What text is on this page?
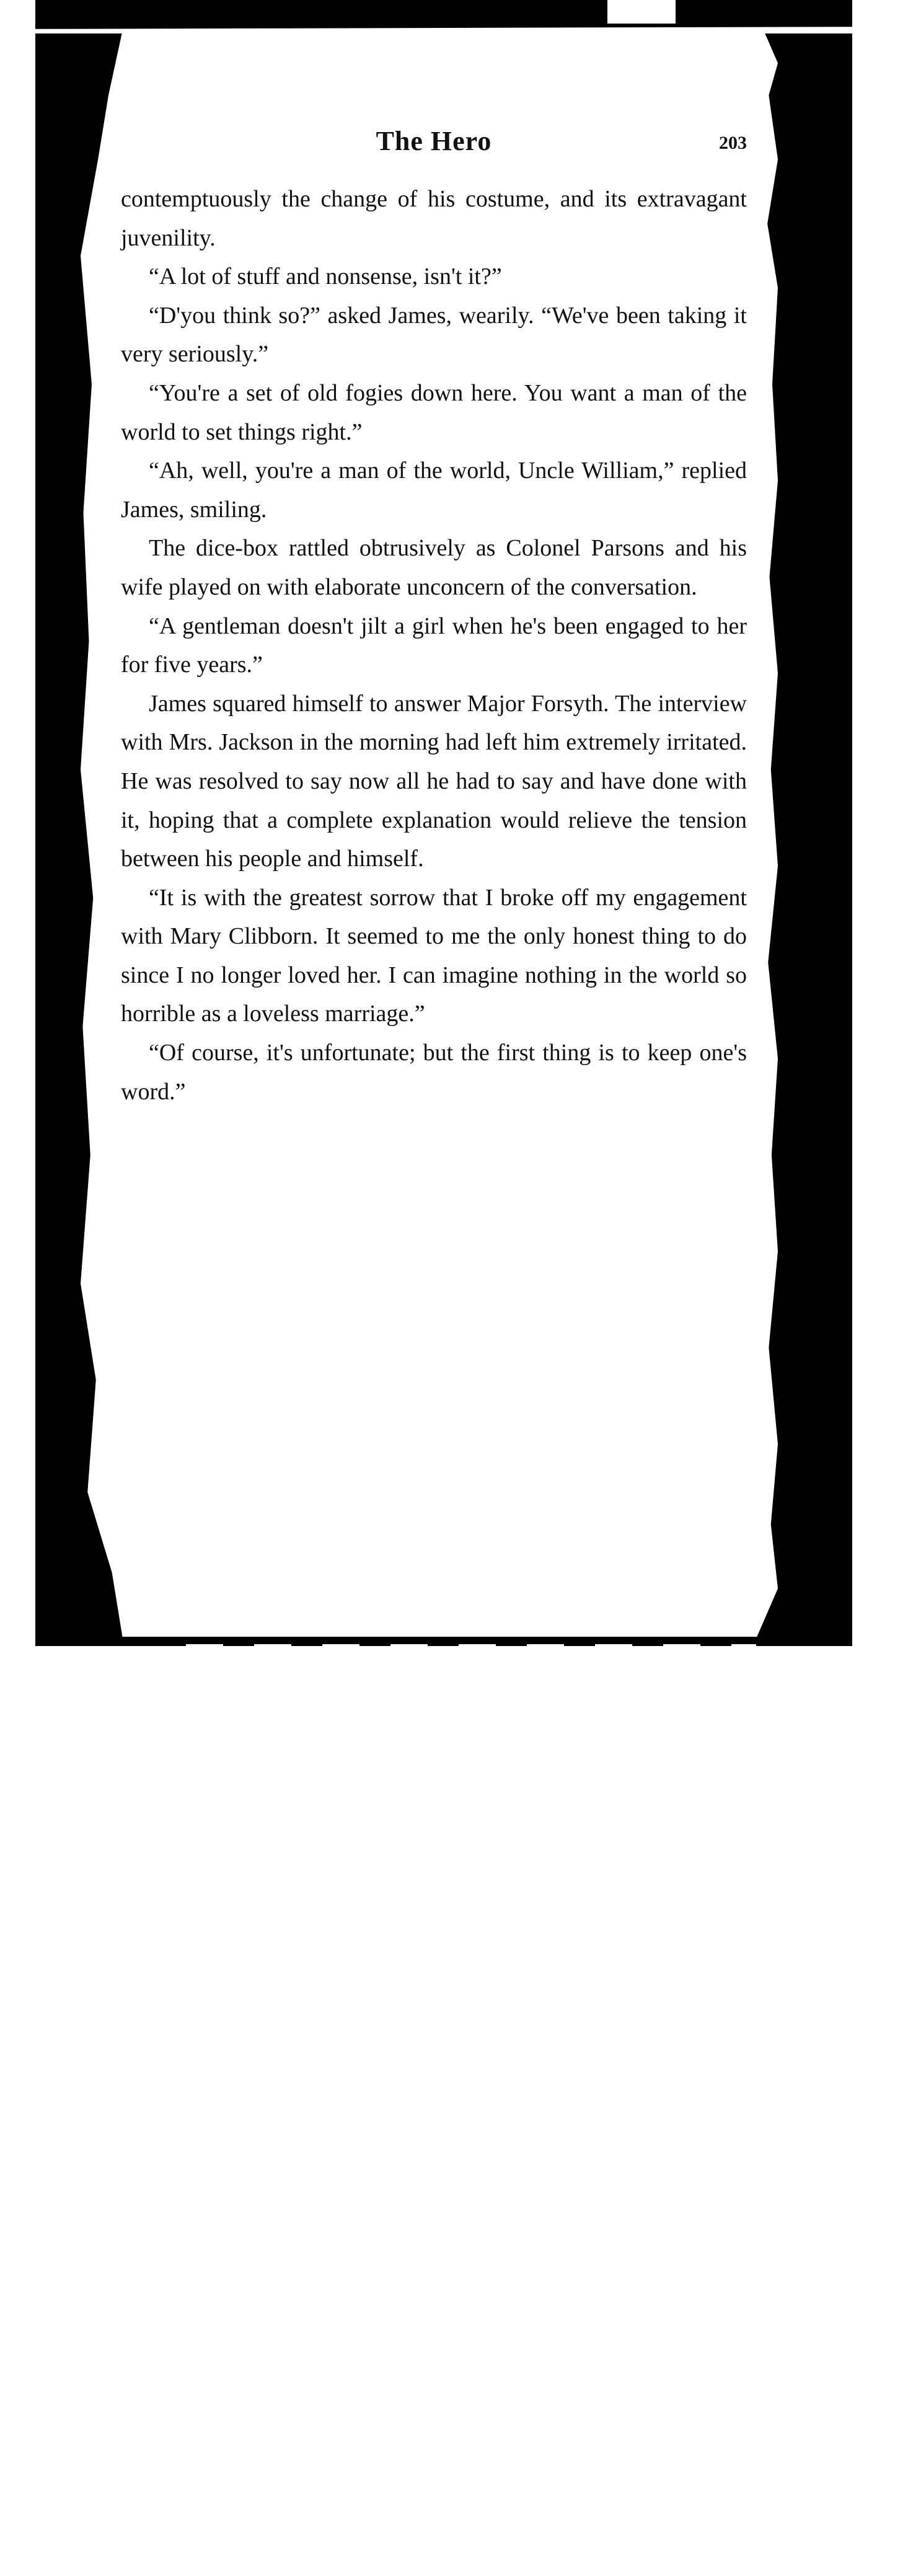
The Hero	203

contemptuously the change of his costume, and its extravagant juvenility.

“A lot of stuff and nonsense, isn't it?”

“D'you think so?” asked James, wearily. “We've been taking it very seriously.”

“You're a set of old fogies down here. You want a man of the world to set things right.”

“Ah, well, you're a man of the world, Uncle William,” replied James, smiling.

The dice-box rattled obtrusively as Colonel Parsons and his wife played on with elaborate unconcern of the conversation.

“A gentleman doesn't jilt a girl when he's been engaged to her for five years.”

James squared himself to answer Major Forsyth. The interview with Mrs. Jackson in the morning had left him extremely irritated. He was resolved to say now all he had to say and have done with it, hoping that a complete explanation would relieve the tension between his people and himself.

“It is with the greatest sorrow that I broke off my engagement with Mary Clibborn. It seemed to me the only honest thing to do since I no longer loved her. I can imagine nothing in the world so horrible as a loveless marriage.”

“Of course, it's unfortunate; but the first thing is to keep one's word.”
